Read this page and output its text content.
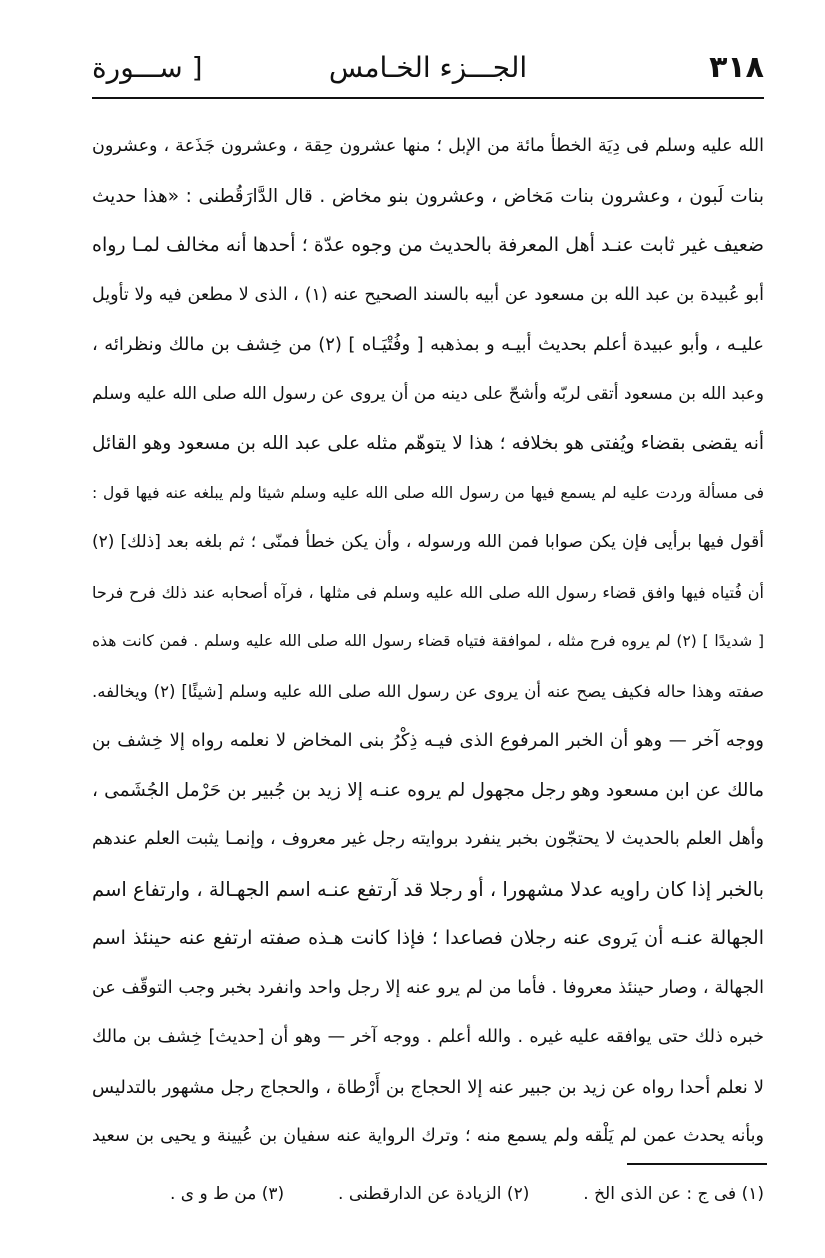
٣١٨
الجـــزء الخـامس
[ ســـورة
الله عليه وسلم فى دِيَة الخطأ مائة من الإبل ؛ منها عشرون حِقة ، وعشرون جَذَعة ، وعشرون
بنات لَبون ، وعشرون بنات مَخاض ، وعشرون بنو مخاض . قال الدَّارَقُطنى : «هذا حديث
ضعيف غير ثابت عنـد أهل المعرفة بالحديث من وجوه عدّة ؛ أحدها أنه مخالف لمـا رواه
أبو عُبيدة بن عبد الله بن مسعود عن أبيه بالسند الصحيح عنه (١) ، الذى لا مطعن فيه ولا تأويل
عليـه ، وأبو عبيدة أعلم بحديث أبيـه و بمذهبه [ وفُتْيَـاه ] (٢) من خِشف بن مالك ونظرائه ،
وعبد الله بن مسعود أتقى لربّه وأشحّ على دينه من أن يروى عن رسول الله صلى الله عليه وسلم
أنه يقضى بقضاء ويُفتى هو بخلافه ؛ هذا لا يتوهّم مثله على عبد الله بن مسعود وهو القائل
فى مسألة وردت عليه لم يسمع فيها من رسول الله صلى الله عليه وسلم شيئا ولم يبلغه عنه فيها قول :
أقول فيها برأيى فإن يكن صوابا فمن الله ورسوله ، وأن يكن خطأ فمنّى ؛ ثم بلغه بعد [ذلك] (٢)
أن فُتياه فيها وافق قضاء رسول الله صلى الله عليه وسلم فى مثلها ، فرآه أصحابه عند ذلك فرح فرحا
[ شديدًا ] (٢) لم يروه فرح مثله ، لموافقة فتياه قضاء رسول الله صلى الله عليه وسلم . فمن كانت هذه
صفته وهذا حاله فكيف يصح عنه أن يروى عن رسول الله صلى الله عليه وسلم [شيئًا] (٢) ويخالفه.
ووجه آخر — وهو أن الخبر المرفوع الذى فيـه ذِكْرُ بنى المخاض لا نعلمه رواه إلا خِشف بن
مالك عن ابن مسعود وهو رجل مجهول لم يروه عنـه إلا زيد بن جُبير بن حَرْمل الجُشَمى ،
وأهل العلم بالحديث لا يحتجّون بخبر ينفرد بروايته رجل غير معروف ، وإنمـا يثبت العلم عندهم
بالخبر إذا كان راويه عدلا مشهورا ، أو رجلا قد آرتفع عنـه اسم الجهـالة ، وارتفاع اسم
الجهالة عنـه أن يَروى عنه رجلان فصاعدا ؛ فإذا كانت هـذه صفته ارتفع عنه حينئذ اسم
الجهالة ، وصار حينئذ معروفا . فأما من لم يرو عنه إلا رجل واحد وانفرد بخبر وجب التوقّف عن
خبره ذلك حتى يوافقه عليه غيره . والله أعلم . ووجه آخر — وهو أن [حديث] خِشف بن مالك
لا نعلم أحدا رواه عن زيد بن جبير عنه إلا الحجاج بن أَرْطاة ، والحجاج رجل مشهور بالتدليس
وبأنه يحدث عمن لم يَلْقه ولم يسمع منه ؛ وترك الرواية عنه سفيان بن عُيينة و يحيى بن سعيد
(١) فى ج : عن الذى الخ .
(٢) الزيادة عن الدارقطنى .
(٣) من ط و ى .
